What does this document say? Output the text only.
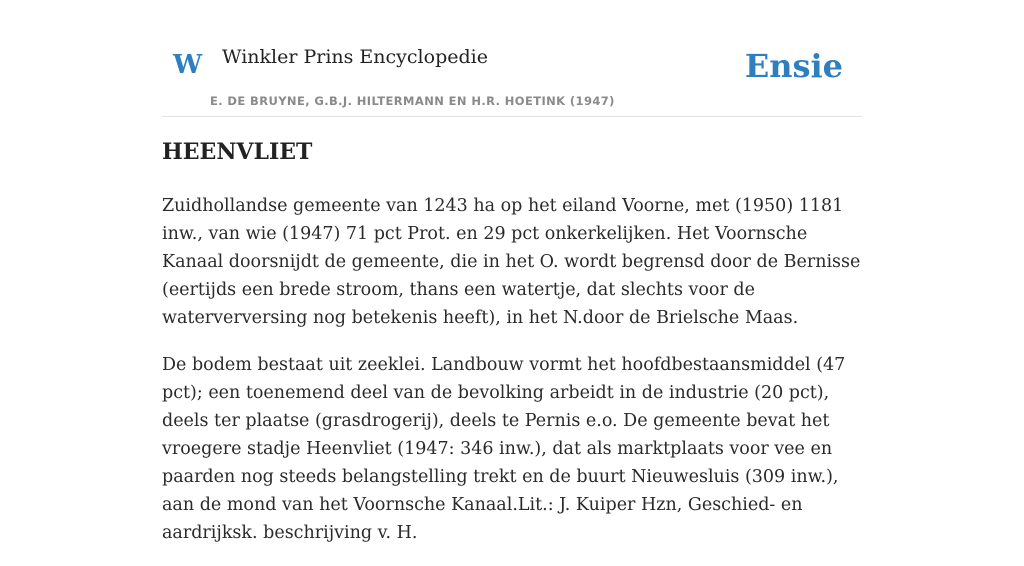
W Winkler Prins Encyclopedie
E. DE BRUYNE, G.B.J. HILTERMANN EN H.R. HOETINK (1947)
Ensie
HEENVLIET

Zuidhollandse gemeente van 1243 ha op het eiland Voorne, met (1950) 1181 inw., van wie (1947) 71 pct Prot. en 29 pct onkerkelijken. Het Voornsche Kanaal doorsnijdt de gemeente, die in het O. wordt begrensd door de Bernisse (eertijds een brede stroom, thans een watertje, dat slechts voor de waterverversing nog betekenis heeft), in het N.door de Brielsche Maas.

De bodem bestaat uit zeeklei. Landbouw vormt het hoofdbestaansmiddel (47 pct); een toenemend deel van de bevolking arbeidt in de industrie (20 pct), deels ter plaatse (grasdrogerij), deels te Pernis e.o. De gemeente bevat het vroegere stadje Heenvliet (1947: 346 inw.), dat als marktplaats voor vee en paarden nog steeds belangstelling trekt en de buurt Nieuwesluis (309 inw.), aan de mond van het Voornsche Kanaal.Lit.: J. Kuiper Hzn, Geschied- en aardrijksk. beschrijving v. H.
